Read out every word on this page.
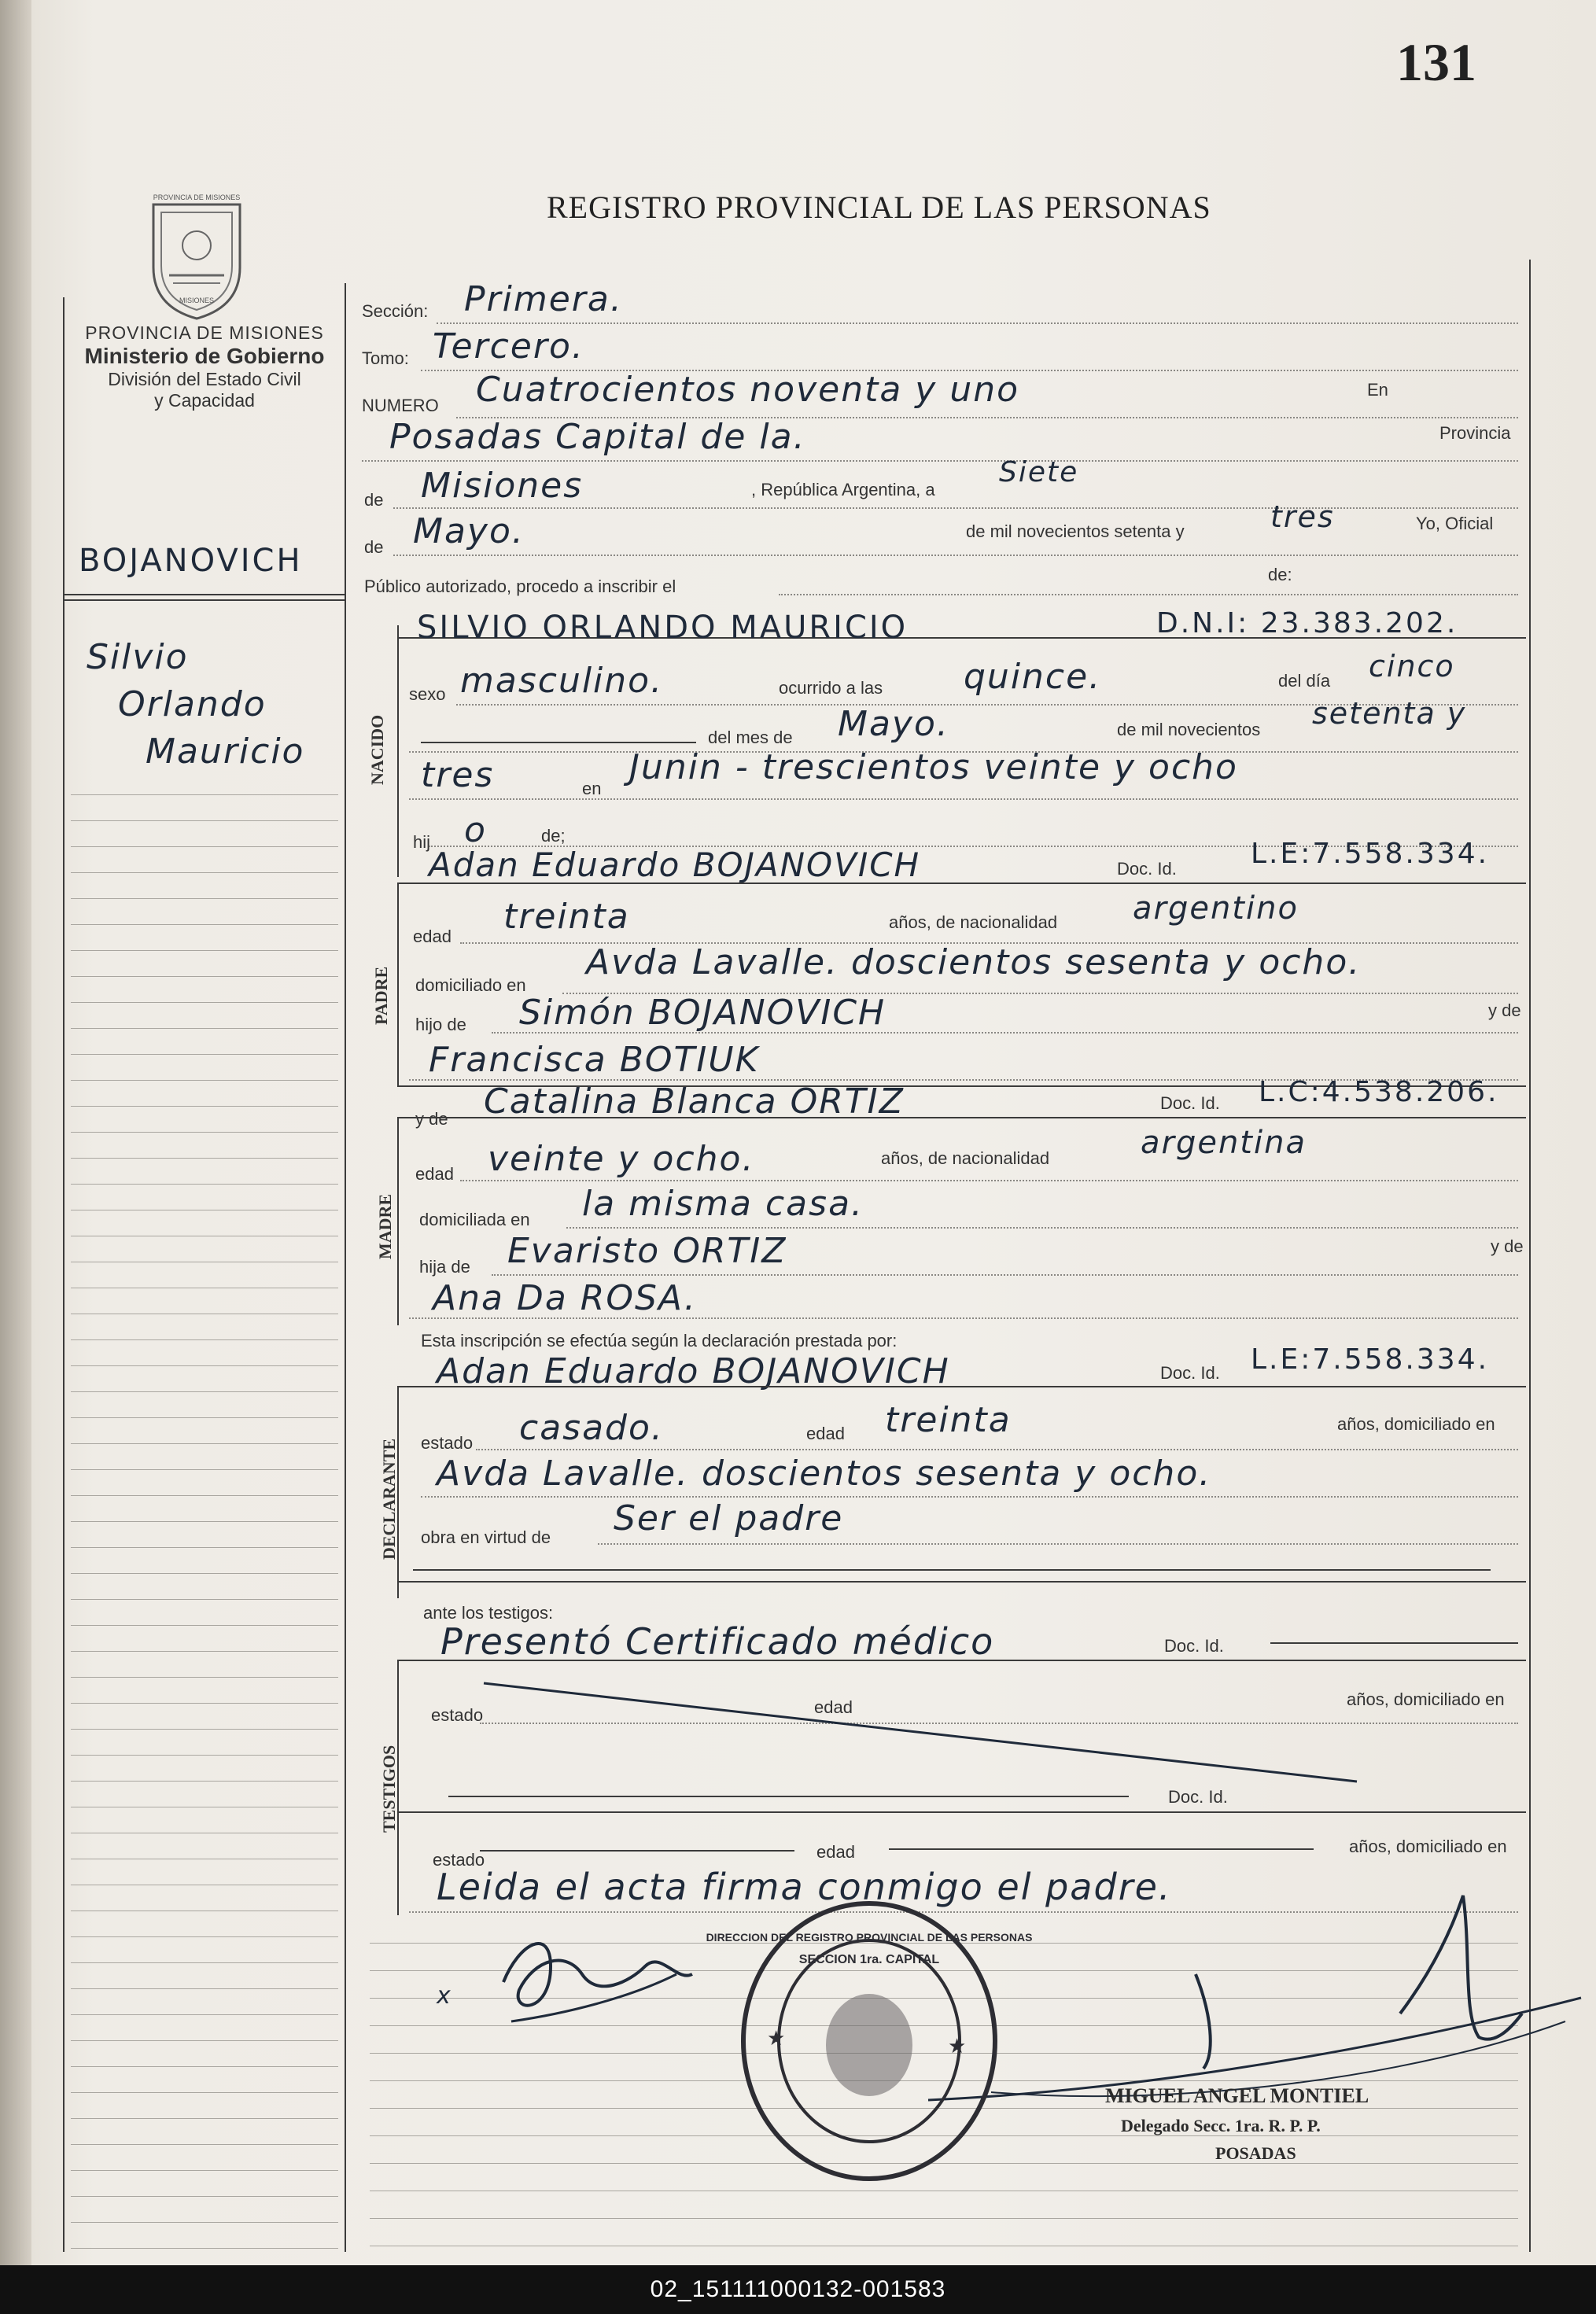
131
REGISTRO PROVINCIAL DE LAS PERSONAS
PROVINCIA DE MISIONES
MISIONES
PROVINCIA DE MISIONES
Ministerio de Gobierno
División del Estado Civil
y Capacidad
BOJANOVICH
Silvio
Orlando
Mauricio
Sección: Primera.
Tomo: Tercero.
NUMERO Cuatrocientos noventa y uno	En
Posadas Capital de la.	Provincia
de Misiones	, República Argentina, a
Siete
de Mayo.	de mil novecientos setenta y	tres	Yo, Oficial
Público autorizado, procedo a inscribir el
de:
NACIDO
SILVIO ORLANDO MAURICIO	D.N.I: 23.383.202.
sexo masculino.	ocurrido a las quince.	del día cinco
del mes de Mayo.	de mil novecientos setenta y
tres	en
Junin - trescientos veinte y ocho
hij o	de;
Adan Eduardo BOJANOVICH	Doc. Id.	L.E:7.558.334.
PADRE
edad treinta	años, de nacionalidad argentino
domiciliado en
Avda Lavalle. doscientos sesenta y ocho.
hijo de Simón BOJANOVICH	y de
Francisca BOTIUK
y de Catalina Blanca ORTIZ	Doc. Id. L.C:4.538.206.
MADRE
edad veinte y ocho.	años, de nacionalidad	argentina
domiciliada en la misma casa.
hija de Evaristo ORTIZ	y de
Ana Da ROSA.
Esta inscripción se efectúa según la declaración prestada por:
Adan Eduardo BOJANOVICH	Doc. Id. L.E:7.558.334.
DECLARANTE estado casado.	edad treinta	años, domiciliado en
Avda Lavalle. doscientos sesenta y ocho.
obra en virtud de Ser el padre
ante los testigos:
Presentó Certificado médico	Doc. Id.
TESTIGOS
estado	edad	años, domiciliado en
Doc. Id.
estado	edad	años, domiciliado en
Leida el acta firma conmigo el padre.
x
★	★
DIRECCION DEL REGISTRO PROVINCIAL DE LAS PERSONAS
SECCION 1ra. CAPITAL
MIGUEL ANGEL MONTIEL
Delegado Secc. 1ra. R. P. P.
POSADAS
02_151111000132-001583
